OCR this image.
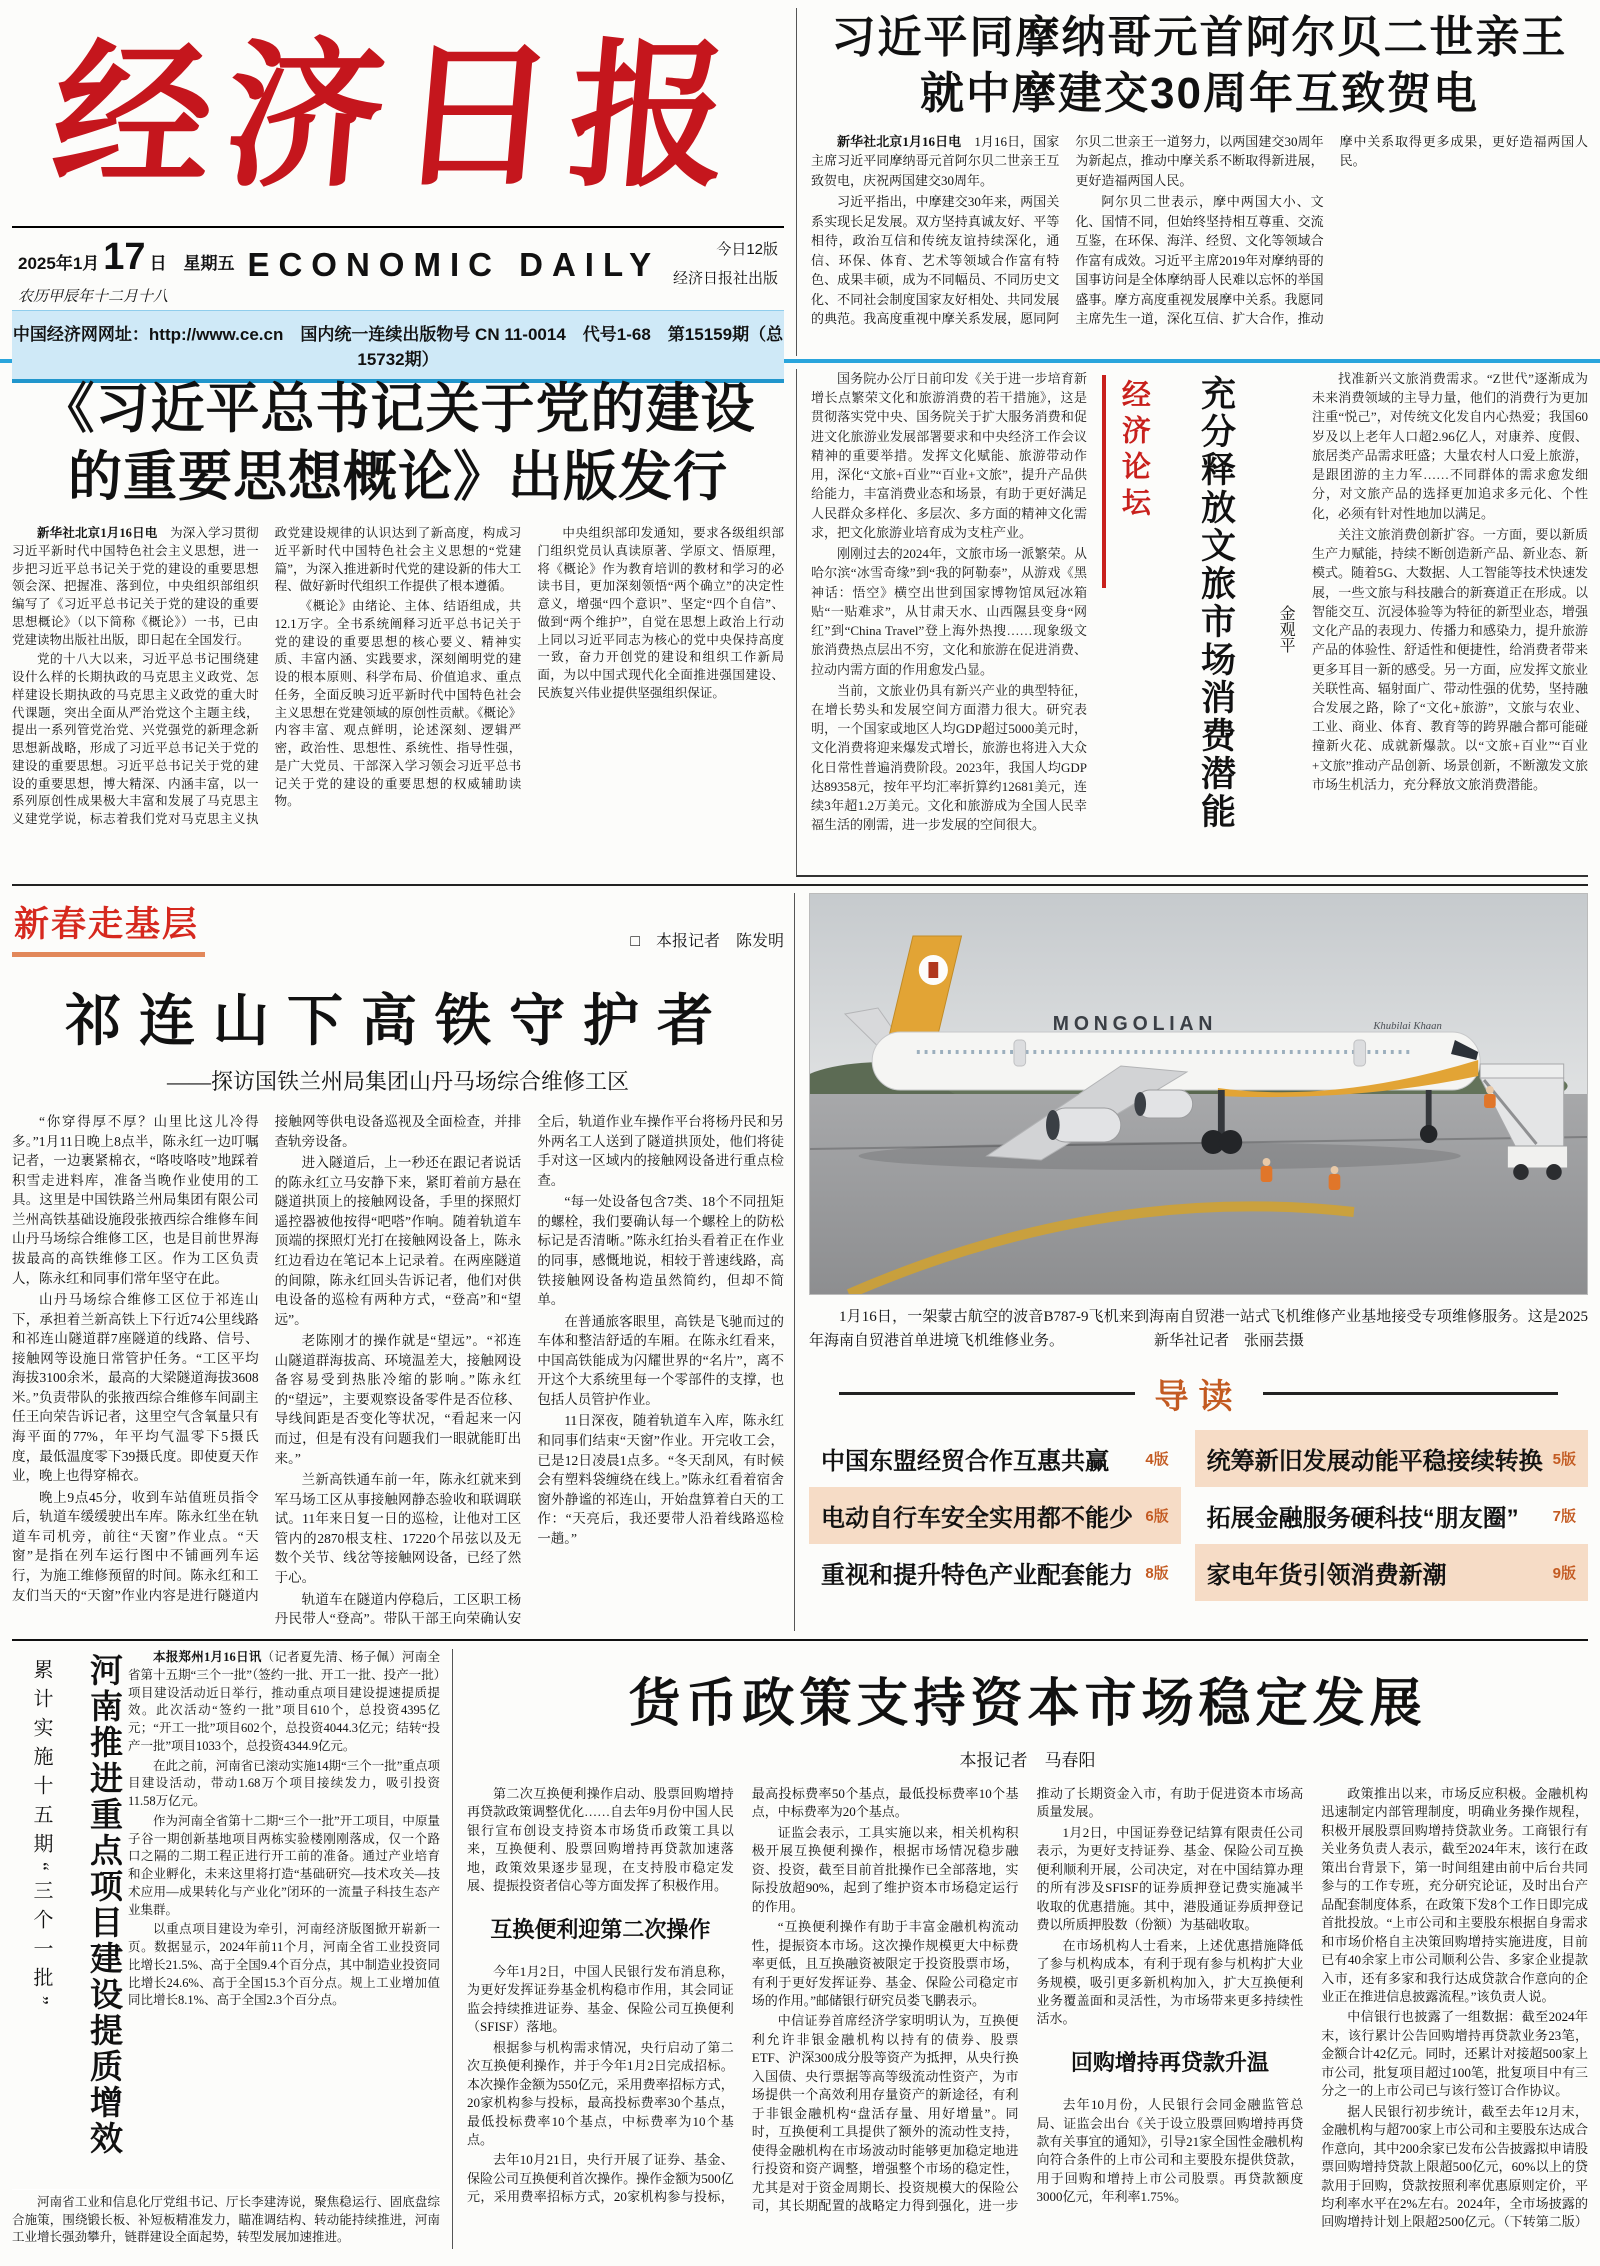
经济日报
2025年1月 17 日　星期五
农历甲辰年十二月十八
ECONOMIC DAILY	今日12版
经济日报社出版
中国经济网网址：http://www.ce.cn　国内统一连续出版物号 CN 11-0014　代号1-68　第15159期（总15732期）
习近平同摩纳哥元首阿尔贝二世亲王
就中摩建交30周年互致贺电

新华社北京1月16日电　1月16日，国家主席习近平同摩纳哥元首阿尔贝二世亲王互致贺电，庆祝两国建交30周年。

习近平指出，中摩建交30年来，两国关系实现长足发展。双方坚持真诚友好、平等相待，政治互信和传统友谊持续深化，通信、环保、体育、艺术等领域合作富有特色、成果丰硕，成为不同幅员、不同历史文化、不同社会制度国家友好相处、共同发展的典范。我高度重视中摩关系发展，愿同阿尔贝二世亲王一道努力，以两国建交30周年为新起点，推动中摩关系不断取得新进展，更好造福两国人民。

阿尔贝二世表示，摩中两国大小、文化、国情不同，但始终坚持相互尊重、交流互鉴，在环保、海洋、经贸、文化等领域合作富有成效。习近平主席2019年对摩纳哥的国事访问是全体摩纳哥人民难以忘怀的举国盛事。摩方高度重视发展摩中关系。我愿同主席先生一道，深化互信、扩大合作，推动摩中关系取得更多成果，更好造福两国人民。

《习近平总书记关于党的建设
的重要思想概论》出版发行

新华社北京1月16日电　为深入学习贯彻习近平新时代中国特色社会主义思想，进一步把习近平总书记关于党的建设的重要思想领会深、把握准、落到位，中央组织部组织编写了《习近平总书记关于党的建设的重要思想概论》（以下简称《概论》）一书，已由党建读物出版社出版，即日起在全国发行。

党的十八大以来，习近平总书记围绕建设什么样的长期执政的马克思主义政党、怎样建设长期执政的马克思主义政党的重大时代课题，突出全面从严治党这个主题主线，提出一系列管党治党、兴党强党的新理念新思想新战略，形成了习近平总书记关于党的建设的重要思想。习近平总书记关于党的建设的重要思想，博大精深、内涵丰富，以一系列原创性成果极大丰富和发展了马克思主义建党学说，标志着我们党对马克思主义执政党建设规律的认识达到了新高度，构成习近平新时代中国特色社会主义思想的“党建篇”，为深入推进新时代党的建设新的伟大工程、做好新时代组织工作提供了根本遵循。

《概论》由绪论、主体、结语组成，共12.1万字。全书系统阐释习近平总书记关于党的建设的重要思想的核心要义、精神实质、丰富内涵、实践要求，深刻阐明党的建设的根本原则、科学布局、价值追求、重点任务，全面反映习近平新时代中国特色社会主义思想在党建领域的原创性贡献。《概论》内容丰富、观点鲜明，论述深刻、逻辑严密，政治性、思想性、系统性、指导性强，是广大党员、干部深入学习领会习近平总书记关于党的建设的重要思想的权威辅助读物。

中央组织部印发通知，要求各级组织部门组织党员认真读原著、学原文、悟原理，将《概论》作为教育培训的教材和学习的必读书目，更加深刻领悟“两个确立”的决定性意义，增强“四个意识”、坚定“四个自信”、做到“两个维护”，自觉在思想上政治上行动上同以习近平同志为核心的党中央保持高度一致，奋力开创党的建设和组织工作新局面，为以中国式现代化全面推进强国建设、民族复兴伟业提供坚强组织保证。

国务院办公厅日前印发《关于进一步培育新增长点繁荣文化和旅游消费的若干措施》，这是贯彻落实党中央、国务院关于扩大服务消费和促进文化旅游业发展部署要求和中央经济工作会议精神的重要举措。发挥文化赋能、旅游带动作用，深化“文旅+百业”“百业+文旅”，提升产品供给能力，丰富消费业态和场景，有助于更好满足人民群众多样化、多层次、多方面的精神文化需求，把文化旅游业培育成为支柱产业。

刚刚过去的2024年，文旅市场一派繁荣。从哈尔滨“冰雪奇缘”到“我的阿勒泰”，从游戏《黑神话：悟空》横空出世到国家博物馆凤冠冰箱贴“一贴难求”，从甘肃天水、山西隰县变身“网红”到“China Travel”登上海外热搜……现象级文旅消费热点层出不穷，文化和旅游在促进消费、拉动内需方面的作用愈发凸显。

当前，文旅业仍具有新兴产业的典型特征，在增长势头和发展空间方面潜力很大。研究表明，一个国家或地区人均GDP超过5000美元时，文化消费将迎来爆发式增长，旅游也将进入大众化日常性普遍消费阶段。2023年，我国人均GDP达89358元，按年平均汇率折算约12681美元，连续3年超1.2万美元。文化和旅游成为全国人民幸福生活的刚需，进一步发展的空间很大。

经济论坛 充分释放文旅市场消费潜能	金观平

找准新兴文旅消费需求。“Z世代”逐渐成为未来消费领域的主导力量，他们的消费行为更加注重“悦己”，对传统文化发自内心热爱；我国60岁及以上老年人口超2.96亿人，对康养、度假、旅居类产品需求旺盛；大量农村人口爱上旅游，是跟团游的主力军……不同群体的需求愈发细分，对文旅产品的选择更加追求多元化、个性化，必须有针对性地加以满足。

关注文旅消费创新扩容。一方面，要以新质生产力赋能，持续不断创造新产品、新业态、新模式。随着5G、大数据、人工智能等技术快速发展，一些文旅与科技融合的新赛道正在形成。以智能交互、沉浸体验等为特征的新型业态，增强文化产品的表现力、传播力和感染力，提升旅游产品的体验性、舒适性和便捷性，给消费者带来更多耳目一新的感受。另一方面，应发挥文旅业关联性高、辐射面广、带动性强的优势，坚持融合发展之路，除了“文化+旅游”，文旅与农业、工业、商业、体育、教育等的跨界融合都可能碰撞新火花、成就新爆款。以“文旅+百业”“百业+文旅”推动产品创新、场景创新，不断激发文旅市场生机活力，充分释放文旅消费潜能。

新春走基层	□　本报记者　陈发明
祁连山下高铁守护者
——探访国铁兰州局集团山丹马场综合维修工区

“你穿得厚不厚？山里比这儿冷得多。”1月11日晚上8点半，陈永红一边叮嘱记者，一边裹紧棉衣，“咯吱咯吱”地踩着积雪走进料库，准备当晚作业使用的工具。这里是中国铁路兰州局集团有限公司兰州高铁基础设施段张掖西综合维修车间山丹马场综合维修工区，也是目前世界海拔最高的高铁维修工区。作为工区负责人，陈永红和同事们常年坚守在此。

山丹马场综合维修工区位于祁连山下，承担着兰新高铁上下行近74公里线路和祁连山隧道群7座隧道的线路、信号、接触网等设施日常管护任务。“工区平均海拔3100余米，最高的大梁隧道海拔3608米。”负责带队的张掖西综合维修车间副主任王向荣告诉记者，这里空气含氧量只有海平面的77%，年平均气温零下5摄氏度，最低温度零下39摄氏度。即使夏天作业，晚上也得穿棉衣。

晚上9点45分，收到车站值班员指令后，轨道车缓缓驶出车库。陈永红坐在轨道车司机旁，前往“天窗”作业点。“天窗”是指在列车运行图中不铺画列车运行，为施工维修预留的时间。陈永红和工友们当天的“天窗”作业内容是进行隧道内接触网等供电设备巡视及全面检查，并排查轨旁设备。

进入隧道后，上一秒还在跟记者说话的陈永红立马安静下来，紧盯着前方悬在隧道拱顶上的接触网设备，手里的探照灯遥控器被他按得“吧嗒”作响。随着轨道车顶端的探照灯光打在接触网设备上，陈永红边看边在笔记本上记录着。在两座隧道的间隙，陈永红回头告诉记者，他们对供电设备的巡检有两种方式，“登高”和“望远”。

老陈刚才的操作就是“望远”。“祁连山隧道群海拔高、环境温差大，接触网设备容易受到热胀冷缩的影响。”陈永红的“望远”，主要观察设备零件是否位移、导线间距是否变化等状况，“看起来一闪而过，但是有没有问题我们一眼就能盯出来。”

兰新高铁通车前一年，陈永红就来到军马场工区从事接触网静态验收和联调联试。11年来日复一日的巡检，让他对工区管内的2870根支柱、17220个吊弦以及无数个关节、线岔等接触网设备，已经了然于心。

轨道车在隧道内停稳后，工区职工杨丹民带人“登高”。带队干部王向荣确认安全后，轨道作业车操作平台将杨丹民和另外两名工人送到了隧道拱顶处，他们将徒手对这一区域内的接触网设备进行重点检查。

“每一处设备包含7类、18个不同扭矩的螺栓，我们要确认每一个螺栓上的防松标记是否清晰。”陈永红抬头看着正在作业的同事，感慨地说，相较于普速线路，高铁接触网设备构造虽然简约，但却不简单。

在普通旅客眼里，高铁是飞驰而过的车体和整洁舒适的车厢。在陈永红看来，中国高铁能成为闪耀世界的“名片”，离不开这个大系统里每一个零部件的支撑，也包括人员管护作业。

11日深夜，随着轨道车入库，陈永红和同事们结束“天窗”作业。开完收工会，已是12日凌晨1点多。“冬天刮风，有时候会有塑料袋缠绕在线上。”陈永红看着宿舍窗外静谧的祁连山，开始盘算着白天的工作：“天亮后，我还要带人沿着线路巡检一趟。”

MONGOLIAN	Khubilai Khaan

1月16日，一架蒙古航空的波音B787-9飞机来到海南自贸港一站式飞机维修产业基地接受专项维修服务。这是2025年海南自贸港首单进境飞机维修业务。	新华社记者　张丽芸摄

导读
中国东盟经贸合作互惠共赢 4版 统筹新旧发展动能平稳接续转换 5版
电动自行车安全实用都不能少 6版 拓展金融服务硬科技“朋友圈” 7版
重视和提升特色产业配套能力 8版 家电年货引领消费新潮	9版
累计实施十五期“三个一批”	河南推进重点项目建设提质增效	本报郑州1月16日讯（记者夏先清、杨子佩）河南全省第十五期“三个一批”（签约一批、开工一批、投产一批）项目建设活动近日举行，推动重点项目建设提速提质提效。此次活动“签约一批”项目610个，总投资4395亿元；“开工一批”项目602个，总投资4044.3亿元；结转“投产一批”项目1033个，总投资4344.9亿元。

在此之前，河南省已滚动实施14期“三个一批”重点项目建设活动，带动1.68万个项目接续发力，吸引投资11.58万亿元。

作为河南全省第十二期“三个一批”开工项目，中原量子谷一期创新基地项目两栋实验楼刚刚落成，仅一个路口之隔的二期工程正进行开工前的准备。通过产业培育和企业孵化，未来这里将打造“基础研究—技术攻关—技术应用—成果转化与产业化”闭环的一流量子科技生态产业集群。

以重点项目建设为牵引，河南经济版图掀开崭新一页。数据显示，2024年前11个月，河南全省工业投资同比增长21.5%、高于全国9.4个百分点，其中制造业投资同比增长24.6%、高于全国15.3个百分点。规上工业增加值同比增长8.1%、高于全国2.3个百分点。

河南省工业和信息化厅党组书记、厅长李建涛说，聚焦稳运行、固底盘综合施策，围绕锻长板、补短板精准发力，瞄准调结构、转动能持续推进，河南工业增长强劲攀升，链群建设全面起势，转型发展加速推进。

货币政策支持资本市场稳定发展
本报记者　马春阳

第二次互换便利操作启动、股票回购增持再贷款政策调整优化……自去年9月份中国人民银行宣布创设支持资本市场货币政策工具以来，互换便利、股票回购增持再贷款加速落地，政策效果逐步显现，在支持股市稳定发展、提振投资者信心等方面发挥了积极作用。

互换便利迎第二次操作

今年1月2日，中国人民银行发布消息称，为更好发挥证券基金机构稳市作用，其会同证监会持续推进证券、基金、保险公司互换便利（SFISF）落地。

根据参与机构需求情况，央行启动了第二次互换便利操作，并于今年1月2日完成招标。本次操作金额为550亿元，采用费率招标方式，20家机构参与投标，最高投标费率30个基点，最低投标费率10个基点，中标费率为10个基点。

去年10月21日，央行开展了证券、基金、保险公司互换便利首次操作。操作金额为500亿元，采用费率招标方式，20家机构参与投标，最高投标费率50个基点，最低投标费率10个基点，中标费率为20个基点。

证监会表示，工具实施以来，相关机构积极开展互换便利操作，根据市场情况稳步融资、投资，截至目前首批操作已全部落地，实际投放超90%，起到了维护资本市场稳定运行的作用。

“互换便利操作有助于丰富金融机构流动性，提振资本市场。这次操作规模更大中标费率更低，且互换融资被限定于投资股票市场，有利于更好发挥证券、基金、保险公司稳定市场的作用。”邮储银行研究员娄飞鹏表示。

中信证券首席经济学家明明认为，互换便利允许非银金融机构以持有的债券、股票ETF、沪深300成分股等资产为抵押，从央行换入国债、央行票据等高等级流动性资产，为市场提供一个高效利用存量资产的新途径，有利于非银金融机构“盘活存量、用好增量”。同时，互换便利工具提供了额外的流动性支持，使得金融机构在市场波动时能够更加稳定地进行投资和资产调整，增强整个市场的稳定性，尤其是对于资金周期长、投资规模大的保险公司，其长期配置的战略定力得到强化，进一步推动了长期资金入市，有助于促进资本市场高质量发展。

1月2日，中国证券登记结算有限责任公司表示，为更好支持证券、基金、保险公司互换便利顺利开展，公司决定，对在中国结算办理的所有涉及SFISF的证券质押登记费实施减半收取的优惠措施。其中，港股通证券质押登记费以所质押股数（份额）为基础收取。

在市场机构人士看来，上述优惠措施降低了参与机构成本，有利于现有参与机构扩大业务规模，吸引更多新机构加入，扩大互换便利业务覆盖面和灵活性，为市场带来更多持续性活水。

回购增持再贷款升温

去年10月份，人民银行会同金融监管总局、证监会出台《关于设立股票回购增持再贷款有关事宜的通知》，引导21家全国性金融机构向符合条件的上市公司和主要股东提供贷款，用于回购和增持上市公司股票。再贷款额度3000亿元，年利率1.75%。

政策推出以来，市场反应积极。金融机构迅速制定内部管理制度，明确业务操作规程，积极开展股票回购增持贷款业务。工商银行有关业务负责人表示，截至2024年末，该行在政策出台背景下，第一时间组建由前中后台共同参与的工作专班，充分研究论证，及时出台产品配套制度体系，在政策下发8个工作日即完成首批投放。“上市公司和主要股东根据自身需求和市场价格自主决策回购增持实施进度，目前已有40余家上市公司顺利公告、多家企业提款入市，还有多家和我行达成贷款合作意向的企业正在推进信息披露流程。”该负责人说。

中信银行也披露了一组数据：截至2024年末，该行累计公告回购增持再贷款业务23笔，金额合计42亿元。同时，还累计对接超500家上市公司，批复项目超过100笔，批复项目中有三分之一的上市公司已与该行签订合作协议。

据人民银行初步统计，截至去年12月末，金融机构与超700家上市公司和主要股东达成合作意向，其中200余家已发布公告披露拟申请股票回购增持贷款上限超500亿元，60%以上的贷款用于回购，贷款按照利率优惠原则定价，平均利率水平在2%左右。2024年，全市场披露的回购增持计划上限超2500亿元。（下转第二版）
